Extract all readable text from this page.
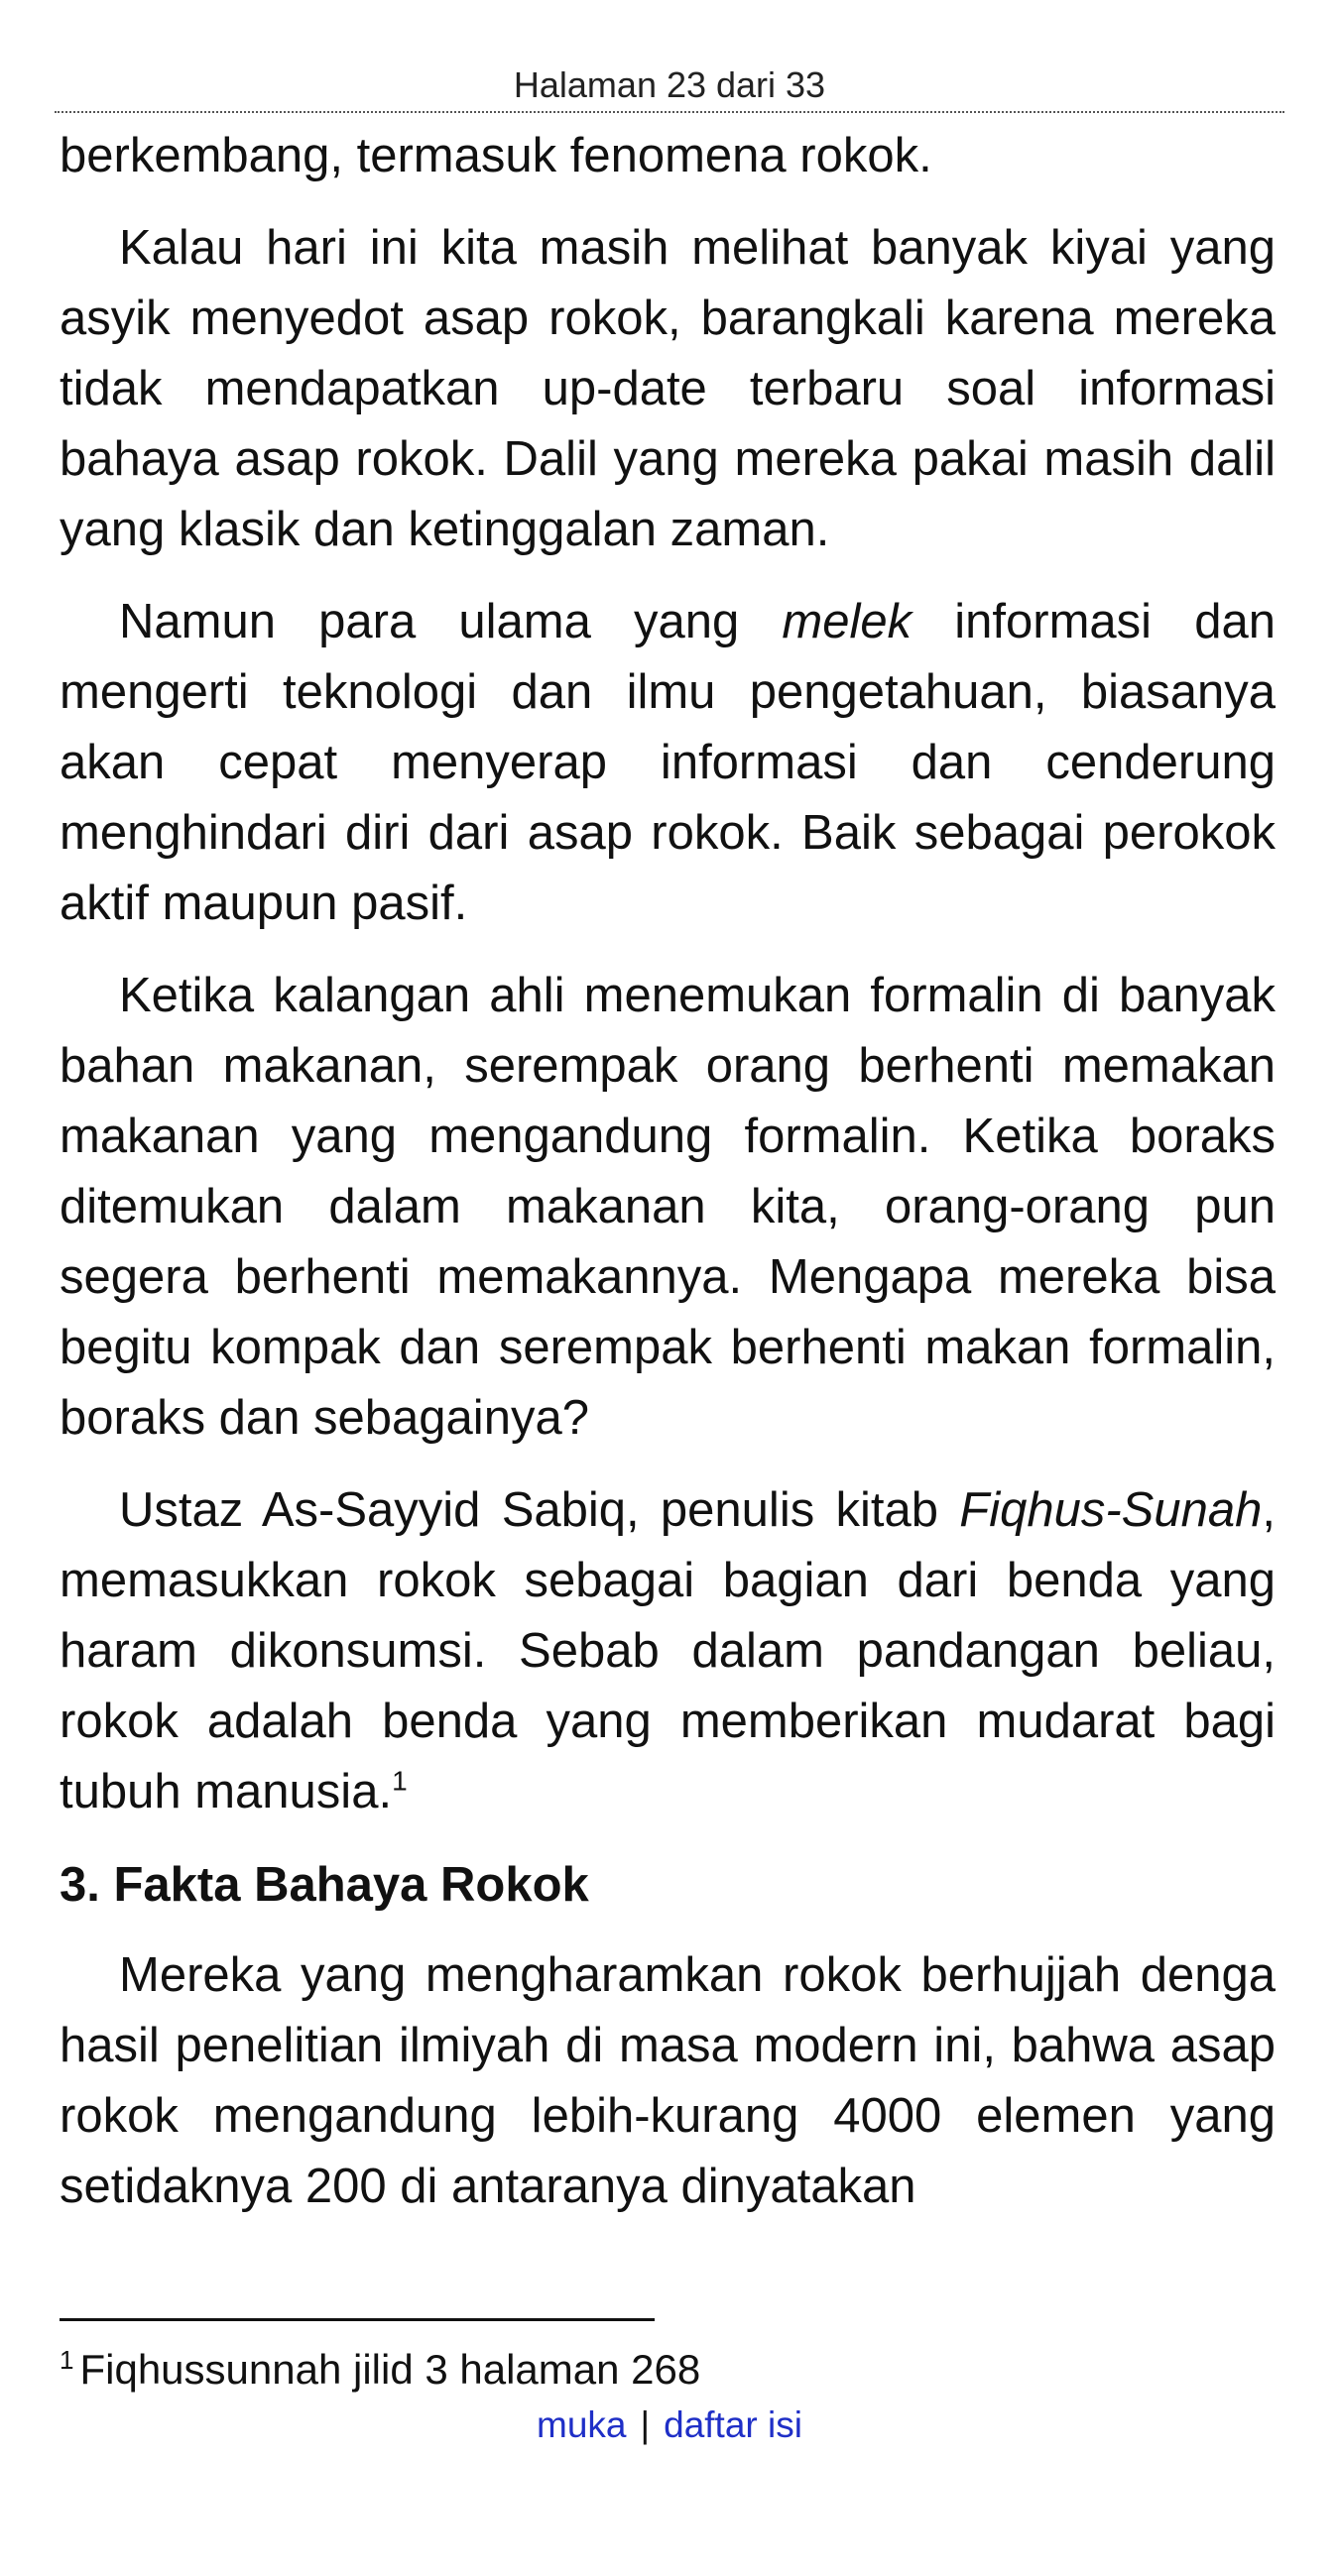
Halaman 23 dari 33

berkembang, termasuk fenomena rokok.

Kalau hari ini kita masih melihat banyak kiyai yang asyik menyedot asap rokok, barangkali karena mereka tidak mendapatkan up-date terbaru soal informasi bahaya asap rokok. Dalil yang mereka pakai masih dalil yang klasik dan ketinggalan zaman.

Namun para ulama yang melek informasi dan mengerti teknologi dan ilmu pengetahuan, biasanya akan cepat menyerap informasi dan cenderung menghindari diri dari asap rokok. Baik sebagai perokok aktif maupun pasif.

Ketika kalangan ahli menemukan formalin di banyak bahan makanan, serempak orang berhenti memakan makanan yang mengandung formalin. Ketika boraks ditemukan dalam makanan kita, orang-orang pun segera berhenti memakannya. Mengapa mereka bisa begitu kompak dan serempak berhenti makan formalin, boraks dan sebagainya?

Ustaz As-Sayyid Sabiq, penulis kitab Fiqhus-Sunah, memasukkan rokok sebagai bagian dari benda yang haram dikonsumsi. Sebab dalam pandangan beliau, rokok adalah benda yang memberikan mudarat bagi tubuh manusia.$^1$

3. Fakta Bahaya Rokok

Mereka yang mengharamkan rokok berhujjah denga hasil penelitian ilmiyah di masa modern ini, bahwa asap rokok mengandung lebih-kurang 4000 elemen yang setidaknya 200 di antaranya dinyatakan

$^1$ Fiqhussunnah jilid 3 halaman 268
muka | daftar isi
